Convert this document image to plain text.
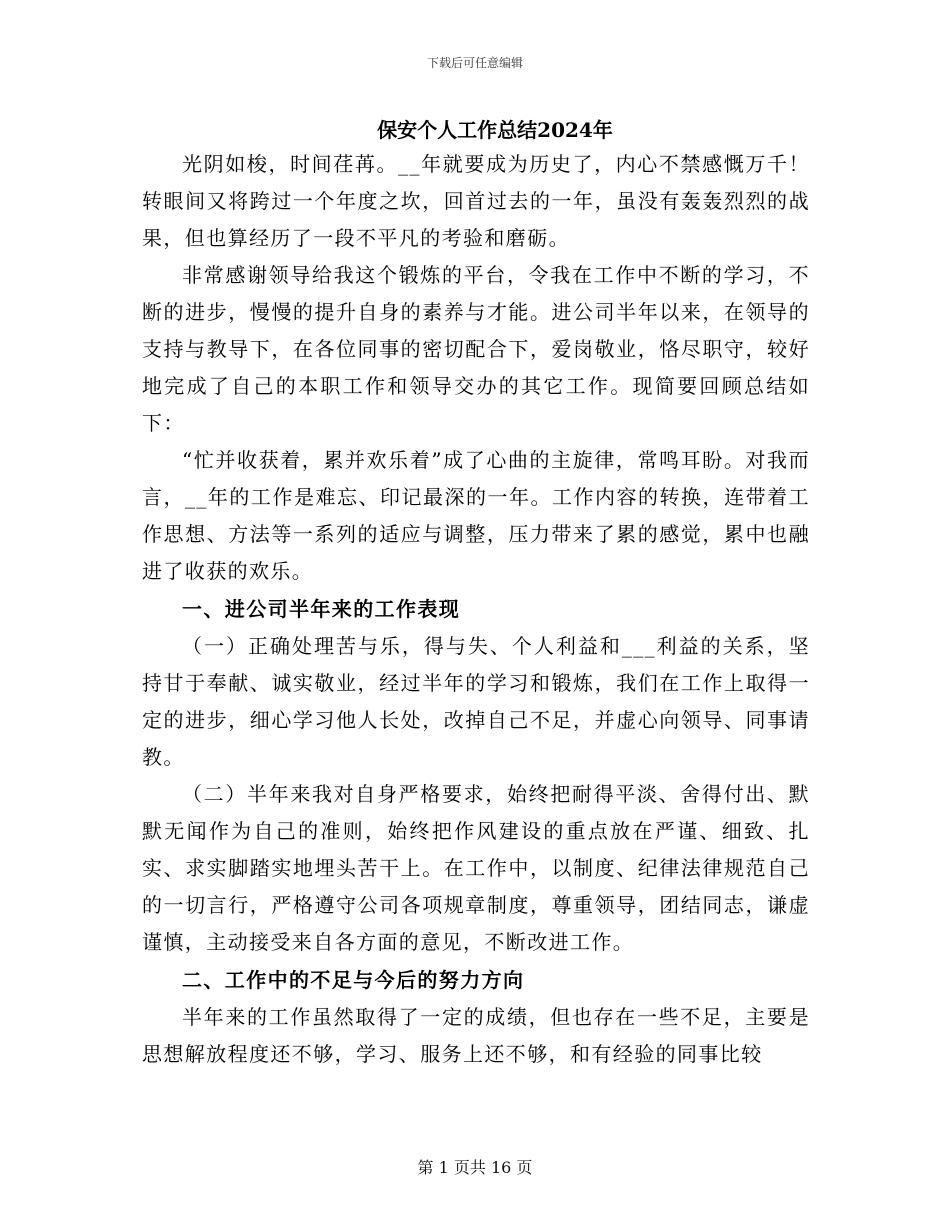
下载后可任意编辑
保安个人工作总结2024年

光阴如梭，时间荏苒。__年就要成为历史了，内心不禁感慨万千！转眼间又将跨过一个年度之坎，回首过去的一年，虽没有轰轰烈烈的战果，但也算经历了一段不平凡的考验和磨砺。

非常感谢领导给我这个锻炼的平台，令我在工作中不断的学习，不断的进步，慢慢的提升自身的素养与才能。进公司半年以来，在领导的支持与教导下，在各位同事的密切配合下，爱岗敬业，恪尽职守，较好地完成了自己的本职工作和领导交办的其它工作。现简要回顾总结如下：

“忙并收获着，累并欢乐着”成了心曲的主旋律，常鸣耳盼。对我而言，__年的工作是难忘、印记最深的一年。工作内容的转换，连带着工作思想、方法等一系列的适应与调整，压力带来了累的感觉，累中也融进了收获的欢乐。

一、进公司半年来的工作表现

（一）正确处理苦与乐，得与失、个人利益和___利益的关系，坚持甘于奉献、诚实敬业，经过半年的学习和锻炼，我们在工作上取得一定的进步，细心学习他人长处，改掉自己不足，并虚心向领导、同事请教。

（二）半年来我对自身严格要求，始终把耐得平淡、舍得付出、默默无闻作为自己的准则，始终把作风建设的重点放在严谨、细致、扎实、求实脚踏实地埋头苦干上。在工作中，以制度、纪律法律规范自己的一切言行，严格遵守公司各项规章制度，尊重领导，团结同志，谦虚谨慎，主动接受来自各方面的意见，不断改进工作。

二、工作中的不足与今后的努力方向

半年来的工作虽然取得了一定的成绩，但也存在一些不足，主要是思想解放程度还不够，学习、服务上还不够，和有经验的同事比较

第 1 页共 16 页
